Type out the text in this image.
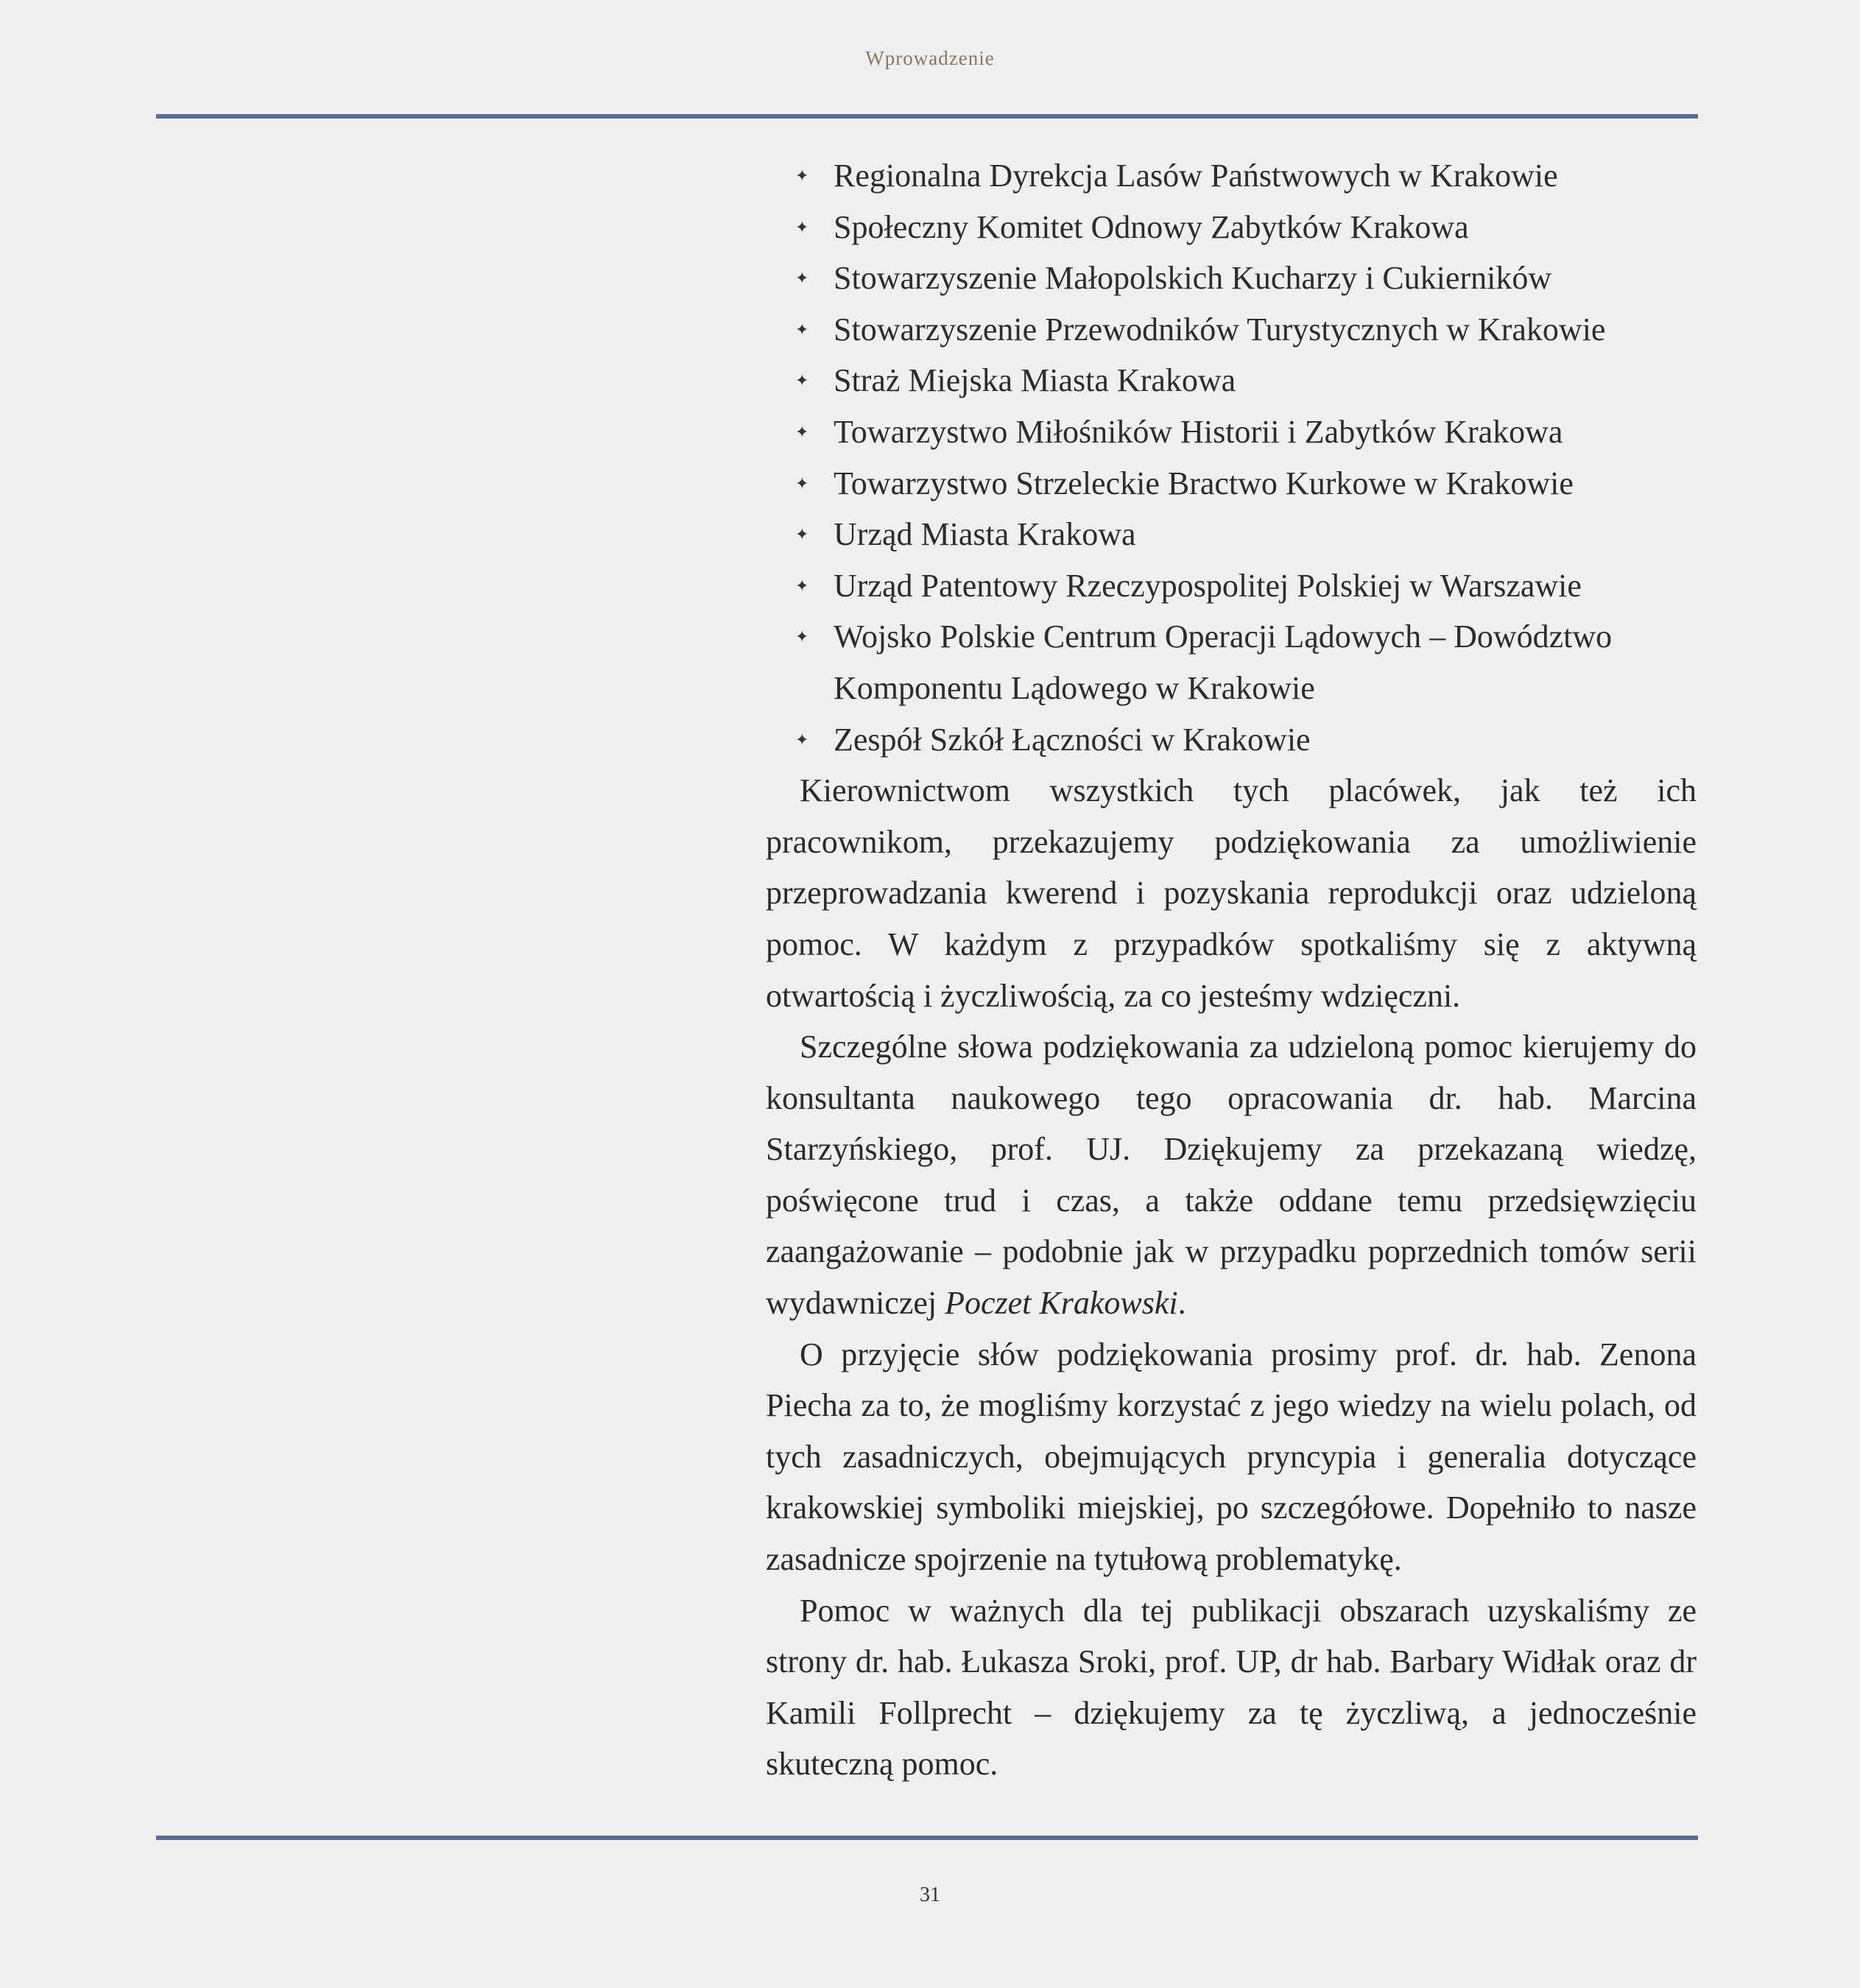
Wprowadzenie
✦ Regionalna Dyrekcja Lasów Państwowych w Krakowie
✦ Społeczny Komitet Odnowy Zabytków Krakowa
✦ Stowarzyszenie Małopolskich Kucharzy i Cukierników
✦ Stowarzyszenie Przewodników Turystycznych w Krakowie
✦ Straż Miejska Miasta Krakowa
✦ Towarzystwo Miłośników Historii i Zabytków Krakowa
✦ Towarzystwo Strzeleckie Bractwo Kurkowe w Krakowie
✦ Urząd Miasta Krakowa
✦ Urząd Patentowy Rzeczypospolitej Polskiej w Warszawie
✦ Wojsko Polskie Centrum Operacji Lądowych – Dowództwo Komponentu Lądowego w Krakowie
✦ Zespół Szkół Łączności w Krakowie

Kierownictwom wszystkich tych placówek, jak też ich pracownikom, przekazujemy podziękowania za umożliwienie przeprowadzania kwerend i pozyskania reprodukcji oraz udzieloną pomoc. W każdym z przypadków spotkaliśmy się z aktywną otwartością i życzliwością, za co jesteśmy wdzięczni.

Szczególne słowa podziękowania za udzieloną pomoc kierujemy do konsultanta naukowego tego opracowania dr. hab. Marcina Starzyńskiego, prof. UJ. Dziękujemy za przekazaną wiedzę, poświęcone trud i czas, a także oddane temu przedsięwzięciu zaangażowanie – podobnie jak w przypadku poprzednich tomów serii wydawniczej Poczet Krakowski.

O przyjęcie słów podziękowania prosimy prof. dr. hab. Zenona Piecha za to, że mogliśmy korzystać z jego wiedzy na wielu polach, od tych zasadniczych, obejmujących pryncypia i generalia dotyczące krakowskiej symboliki miejskiej, po szczegółowe. Dopełniło to nasze zasadnicze spojrzenie na tytułową problematykę.

Pomoc w ważnych dla tej publikacji obszarach uzyskaliśmy ze strony dr. hab. Łukasza Sroki, prof. UP, dr hab. Barbary Widłak oraz dr Kamili Follprecht – dziękujemy za tę życzliwą, a jednocześnie skuteczną pomoc.

31
